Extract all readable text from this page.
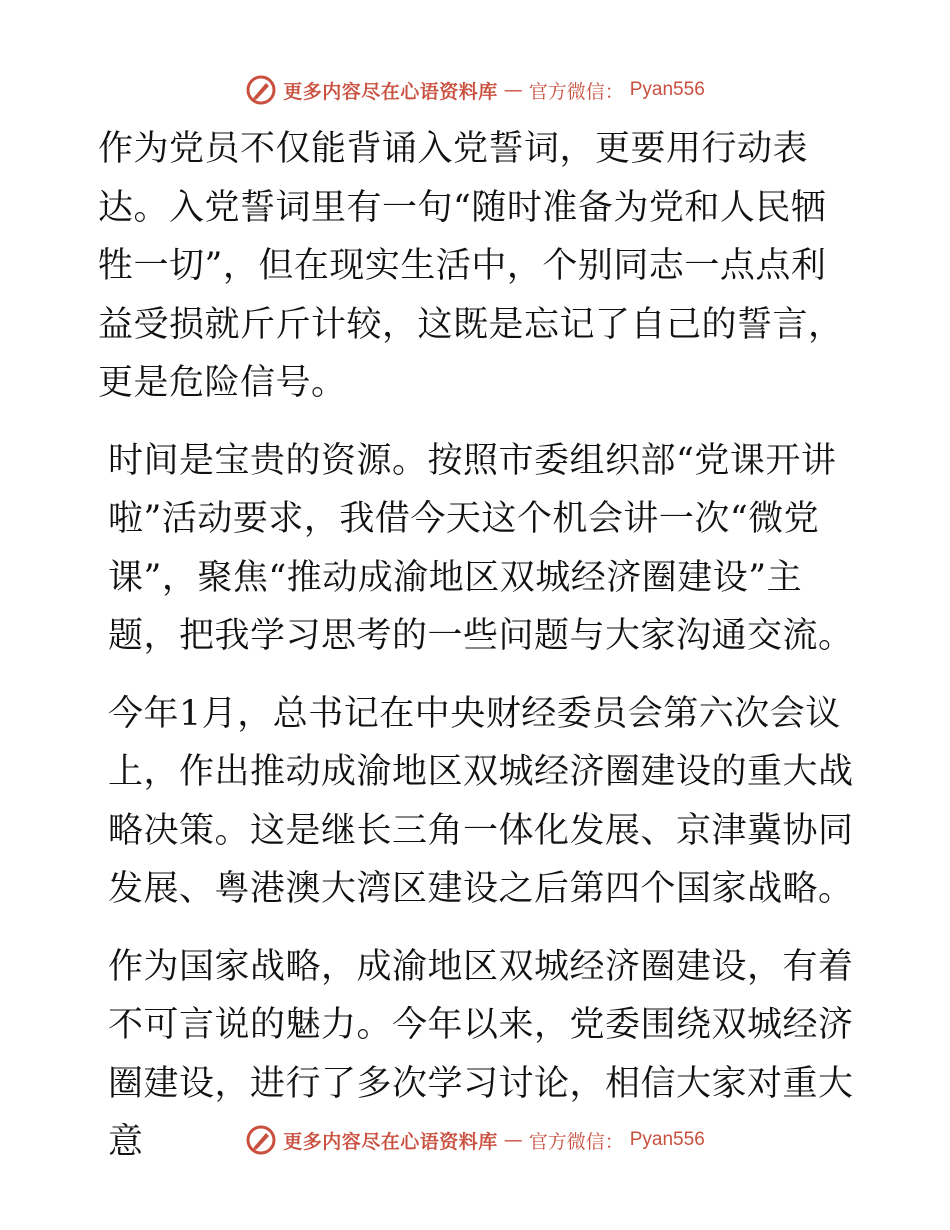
更多内容尽在心语资料库 — 官方微信： Pyan556

作为党员不仅能背诵入党誓词，更要用行动表达。入党誓词里有一句“随时准备为党和人民牺牲一切”，但在现实生活中，个别同志一点点利益受损就斤斤计较，这既是忘记了自己的誓言，更是危险信号。

时间是宝贵的资源。按照市委组织部“党课开讲啦”活动要求，我借今天这个机会讲一次“微党课”，聚焦“推动成渝地区双城经济圈建设”主题，把我学习思考的一些问题与大家沟通交流。

今年1月，总书记在中央财经委员会第六次会议上，作出推动成渝地区双城经济圈建设的重大战略决策。这是继长三角一体化发展、京津冀协同发展、粤港澳大湾区建设之后第四个国家战略。

作为国家战略，成渝地区双城经济圈建设，有着不可言说的魅力。今年以来，党委围绕双城经济圈建设，进行了多次学习讨论，相信大家对重大意	更多内容尽在心语资料库 — 官方微信： Pyan556
